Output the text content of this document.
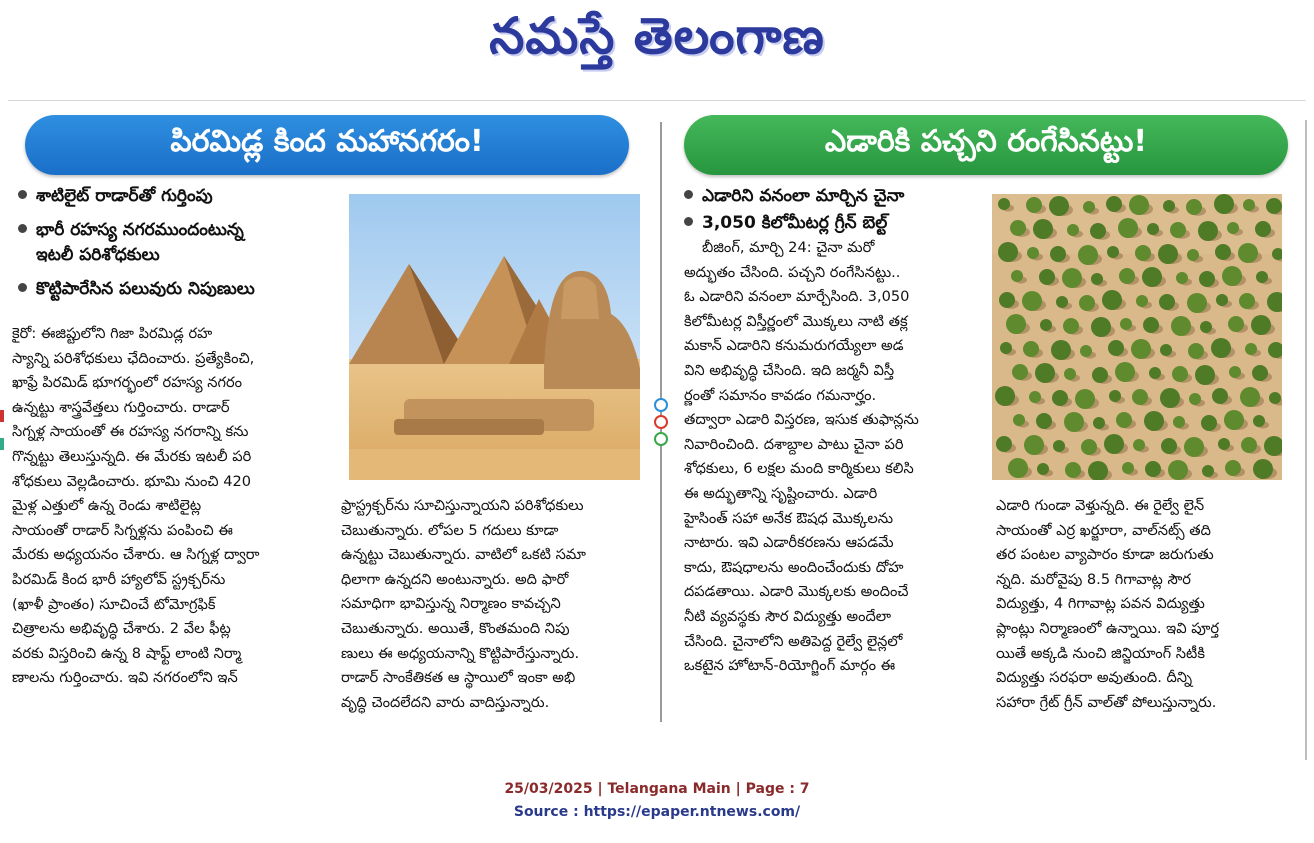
నమస్తే తెలంగాణ
పిరమిడ్ల కింద మహానగరం!	ఎడారికి పచ్చని రంగేసినట్టు!
శాటిలైట్ రాడార్‌తో గుర్తింపు
భారీ రహస్య నగరముందంటున్న
ఇటలీ పరిశోధకులు
కొట్టిపారేసిన పలువురు నిపుణులు

కైరో: ఈజిప్టులోని గిజా పిరమిడ్ల రహ

స్యాన్ని పరిశోధకులు ఛేదించారు. ప్రత్యేకించి,

ఖాఫ్రే పిరమిడ్ భూగర్భంలో రహస్య నగరం

ఉన్నట్టు శాస్త్రవేత్తలు గుర్తించారు. రాడార్

సిగ్నళ్ల సాయంతో ఈ రహస్య నగరాన్ని కను

గొన్నట్టు తెలుస్తున్నది. ఈ మేరకు ఇటలీ పరి

శోధకులు వెల్లడించారు. భూమి నుంచి 420

మైళ్ల ఎత్తులో ఉన్న రెండు శాటిలైట్ల

సాయంతో రాడార్ సిగ్నళ్లను పంపించి ఈ

మేరకు అధ్యయనం చేశారు. ఆ సిగ్నళ్ల ద్వారా

పిరమిడ్ కింద భారీ హ్యాలోవ్ స్ట్రక్చర్‌ను

(ఖాళీ ప్రాంతం) సూచించే టోమోగ్రఫిక్

చిత్రాలను అభివృద్ధి చేశారు. 2 వేల ఫీట్ల

వరకు విస్తరించి ఉన్న 8 షాఫ్ట్ లాంటి నిర్మా

ణాలను గుర్తించారు. ఇవి నగరంలోని ఇన్

ఫ్రాస్ట్రక్చర్‌ను సూచిస్తున్నాయని పరిశోధకులు

చెబుతున్నారు. లోపల 5 గదులు కూడా

ఉన్నట్టు చెబుతున్నారు. వాటిలో ఒకటి సమా

ధిలాగా ఉన్నదని అంటున్నారు. అది ఫారో

సమాధిగా భావిస్తున్న నిర్మాణం కావచ్చని

చెబుతున్నారు. అయితే, కొంతమంది నిపు

ణులు ఈ అధ్యయనాన్ని కొట్టిపారేస్తున్నారు.

రాడార్ సాంకేతికత ఆ స్థాయిలో ఇంకా అభి

వృద్ధి చెందలేదని వారు వాదిస్తున్నారు.

ఎడారిని వనంలా మార్చిన చైనా
3,050 కిలోమీటర్ల గ్రీన్ బెల్ట్

బీజింగ్, మార్చి 24: చైనా మరో

అద్భుతం చేసింది. పచ్చని రంగేసినట్టు..

ఓ ఎడారిని వనంలా మార్చేసింది. 3,050

కిలోమీటర్ల విస్తీర్ణంలో మొక్కలు నాటి తక్ల

మకాన్ ఎడారిని కనుమరుగయ్యేలా అడ

విని అభివృద్ధి చేసింది. ఇది జర్మనీ విస్తీ

ర్ణంతో సమానం కావడం గమనార్హం.

తద్వారా ఎడారి విస్తరణ, ఇసుక తుఫాన్లను

నివారించింది. దశాబ్దాల పాటు చైనా పరి

శోధకులు, 6 లక్షల మంది కార్మికులు కలిసి

ఈ అద్భుతాన్ని సృష్టించారు. ఎడారి

హైసింత్ సహా అనేక ఔషధ మొక్కలను

నాటారు. ఇవి ఎడారీకరణను ఆపడమే

కాదు, ఔషధాలను అందించేందుకు దోహ

దపడతాయి. ఎడారి మొక్కలకు అందించే

నీటి వ్యవస్థకు సౌర విద్యుత్తు అందేలా

చేసింది. చైనాలోని అతిపెద్ద రైల్వే లైన్లలో

ఒకటైన హోటాన్-రియోగ్జింగ్ మార్గం ఈ

ఎడారి గుండా వెళ్తున్నది. ఈ రైల్వే లైన్

సాయంతో ఎర్ర ఖర్జూరా, వాల్‌నట్స్ తది

తర పంటల వ్యాపారం కూడా జరుగుతు

న్నది. మరోవైపు 8.5 గిగావాట్ల సౌర

విద్యుత్తు, 4 గిగావాట్ల పవన విద్యుత్తు

ప్లాంట్లు నిర్మాణంలో ఉన్నాయి. ఇవి పూర్త

యితే అక్కడి నుంచి జిన్జియాంగ్ సిటీకి

విద్యుత్తు సరఫరా అవుతుంది. దీన్ని

సహారా గ్రేట్ గ్రీన్ వాల్‌తో పోలుస్తున్నారు.

25/03/2025 | Telangana Main | Page : 7
Source : https://epaper.ntnews.com/
